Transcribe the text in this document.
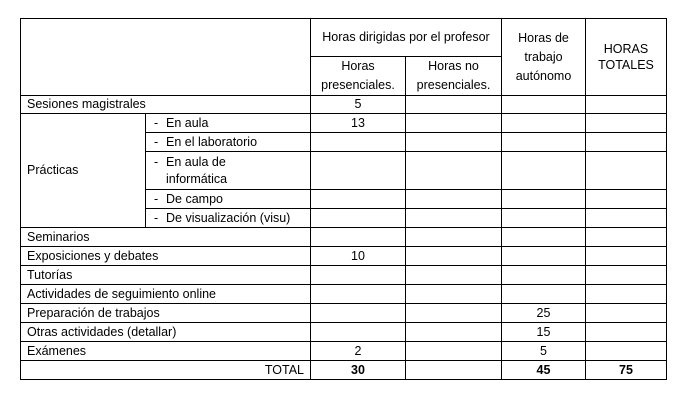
		Horas dirigidas por el profesor		Horas de trabajo autónomo	HORAS TOTALES
		Horas presenciales.	Horas no presenciales.		
Sesiones magistrales		5			
Prácticas	- En aula	13			

	- En el laboratorio				

	- En aula de informática				

	- De campo				

	- De visualización (visu)				

Seminarios					
Exposiciones y debates		10			
Tutorías					
Actividades de seguimiento online					
Preparación de trabajos				25	
Otras actividades (detallar)				15	
Exámenes		2		5	
TOTAL		30		45	75
